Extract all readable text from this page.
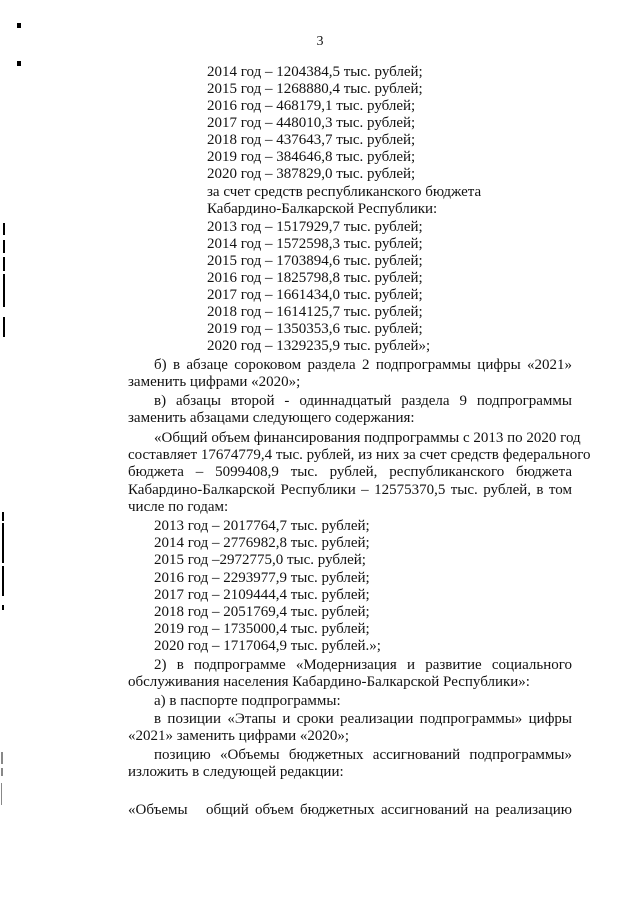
3
2014 год – 1204384,5 тыс. рублей;
2015 год – 1268880,4 тыс. рублей;
2016 год – 468179,1 тыс. рублей;
2017 год – 448010,3 тыс. рублей;
2018 год – 437643,7 тыс. рублей;
2019 год – 384646,8 тыс. рублей;
2020 год – 387829,0 тыс. рублей;
за счет средств республиканского бюджета
Кабардино-Балкарской Республики:
2013 год – 1517929,7 тыс. рублей;
2014 год – 1572598,3 тыс. рублей;
2015 год – 1703894,6 тыс. рублей;
2016 год – 1825798,8 тыс. рублей;
2017 год – 1661434,0 тыс. рублей;
2018 год – 1614125,7 тыс. рублей;
2019 год – 1350353,6 тыс. рублей;
2020 год – 1329235,9 тыс. рублей»;
б) в абзаце сороковом раздела 2 подпрограммы цифры «2021»
заменить цифрами «2020»;
в) абзацы второй - одиннадцатый раздела 9 подпрограммы
заменить абзацами следующего содержания:
«Общий объем финансирования подпрограммы с 2013 по 2020 год
составляет 17674779,4 тыс. рублей, из них за счет средств федерального
бюджета – 5099408,9 тыс. рублей, республиканского бюджета
Кабардино-Балкарской Республики – 12575370,5 тыс. рублей, в том
числе по годам:
2013 год – 2017764,7 тыс. рублей;
2014 год – 2776982,8 тыс. рублей;
2015 год –2972775,0 тыс. рублей;
2016 год – 2293977,9 тыс. рублей;
2017 год – 2109444,4 тыс. рублей;
2018 год – 2051769,4 тыс. рублей;
2019 год – 1735000,4 тыс. рублей;
2020 год – 1717064,9 тыс. рублей.»;
2) в подпрограмме «Модернизация и развитие социального
обслуживания населения Кабардино-Балкарской Республики»:
а) в паспорте подпрограммы:
в позиции «Этапы и сроки реализации подпрограммы» цифры
«2021» заменить цифрами «2020»;
позицию «Объемы бюджетных ассигнований подпрограммы»
изложить в следующей редакции:
«Объемы общий объем бюджетных ассигнований на реализацию
